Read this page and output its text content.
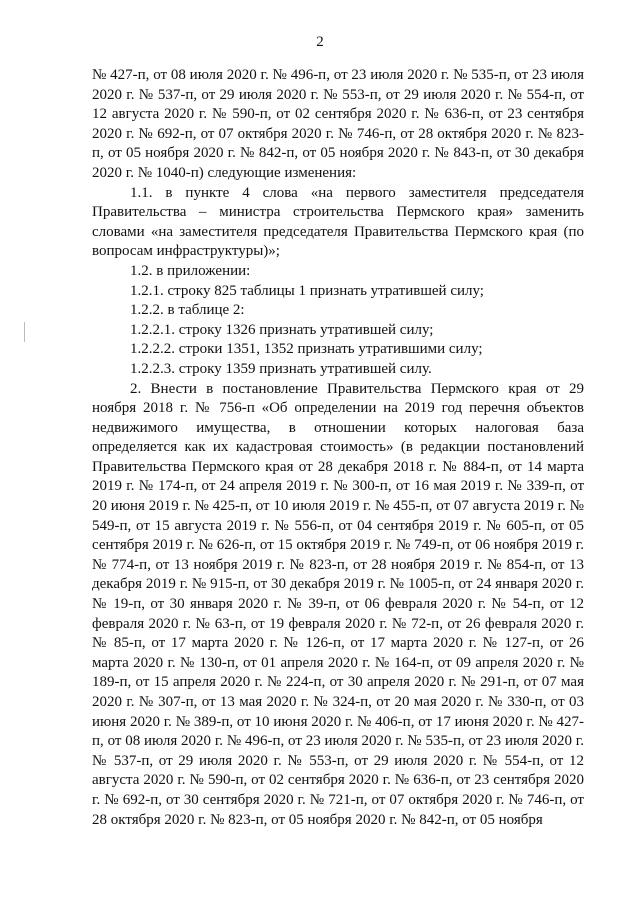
2

№ 427-п, от 08 июля 2020 г. № 496-п, от 23 июля 2020 г. № 535-п, от 23 июля 2020 г. № 537-п, от 29 июля 2020 г. № 553-п, от 29 июля 2020 г. № 554-п, от 12 августа 2020 г. № 590-п, от 02 сентября 2020 г. № 636-п, от 23 сентября 2020 г. № 692-п, от 07 октября 2020 г. № 746-п, от 28 октября 2020 г. № 823-п, от 05 ноября 2020 г. № 842-п, от 05 ноября 2020 г. № 843-п, от 30 декабря 2020 г. № 1040-п) следующие изменения:

1.1. в пункте 4 слова «на первого заместителя председателя Правительства – министра строительства Пермского края» заменить словами «на заместителя председателя Правительства Пермского края (по вопросам инфраструктуры)»;

1.2. в приложении:

1.2.1. строку 825 таблицы 1 признать утратившей силу;

1.2.2. в таблице 2:

1.2.2.1. строку 1326 признать утратившей силу;

1.2.2.2. строки 1351, 1352 признать утратившими силу;

1.2.2.3. строку 1359 признать утратившей силу.

2. Внести в постановление Правительства Пермского края от 29 ноября 2018 г. № 756-п «Об определении на 2019 год перечня объектов недвижимого имущества, в отношении которых налоговая база определяется как их кадастровая стоимость» (в редакции постановлений Правительства Пермского края от 28 декабря 2018 г. № 884-п, от 14 марта 2019 г. № 174-п, от 24 апреля 2019 г. № 300-п, от 16 мая 2019 г. № 339-п, от 20 июня 2019 г. № 425-п, от 10 июля 2019 г. № 455-п, от 07 августа 2019 г. № 549-п, от 15 августа 2019 г. № 556-п, от 04 сентября 2019 г. № 605-п, от 05 сентября 2019 г. № 626-п, от 15 октября 2019 г. № 749-п, от 06 ноября 2019 г. № 774-п, от 13 ноября 2019 г. № 823-п, от 28 ноября 2019 г. № 854-п, от 13 декабря 2019 г. № 915-п, от 30 декабря 2019 г. № 1005-п, от 24 января 2020 г. № 19-п, от 30 января 2020 г. № 39-п, от 06 февраля 2020 г. № 54-п, от 12 февраля 2020 г. № 63-п, от 19 февраля 2020 г. № 72-п, от 26 февраля 2020 г. № 85-п, от 17 марта 2020 г. № 126-п, от 17 марта 2020 г. № 127-п, от 26 марта 2020 г. № 130-п, от 01 апреля 2020 г. № 164-п, от 09 апреля 2020 г. № 189-п, от 15 апреля 2020 г. № 224-п, от 30 апреля 2020 г. № 291-п, от 07 мая 2020 г. № 307-п, от 13 мая 2020 г. № 324-п, от 20 мая 2020 г. № 330-п, от 03 июня 2020 г. № 389-п, от 10 июня 2020 г. № 406-п, от 17 июня 2020 г. № 427-п, от 08 июля 2020 г. № 496-п, от 23 июля 2020 г. № 535-п, от 23 июля 2020 г. № 537-п, от 29 июля 2020 г. № 553-п, от 29 июля 2020 г. № 554-п, от 12 августа 2020 г. № 590-п, от 02 сентября 2020 г. № 636-п, от 23 сентября 2020 г. № 692-п, от 30 сентября 2020 г. № 721-п, от 07 октября 2020 г. № 746-п, от 28 октября 2020 г. № 823-п, от 05 ноября 2020 г. № 842-п, от 05 ноября
